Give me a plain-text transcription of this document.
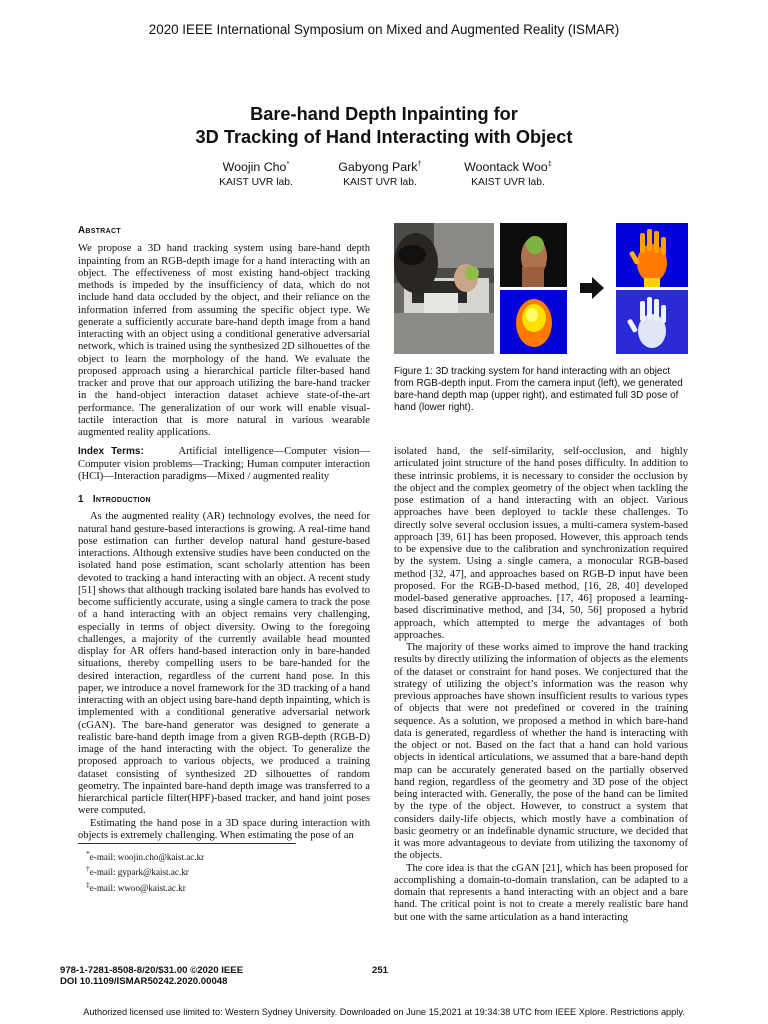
2020 IEEE International Symposium on Mixed and Augmented Reality (ISMAR)
Bare-hand Depth Inpainting for
3D Tracking of Hand Interacting with Object
Woojin Cho*
KAIST UVR lab.
Gabyong Park†
KAIST UVR lab.
Woontack Woo‡
KAIST UVR lab.
Abstract

We propose a 3D hand tracking system using bare-hand depth inpainting from an RGB-depth image for a hand interacting with an object. The effectiveness of most existing hand-object tracking methods is impeded by the insufficiency of data, which do not include hand data occluded by the object, and their reliance on the information inferred from assuming the specific object type. We generate a sufficiently accurate bare-hand depth image from a hand interacting with an object using a conditional generative adversarial network, which is trained using the synthesized 2D silhouettes of the object to learn the morphology of the hand. We evaluate the proposed approach using a hierarchical particle filter-based hand tracker and prove that our approach utilizing the bare-hand tracker in the hand-object interaction dataset achieve state-of-the-art performance. The generalization of our work will enable visual-tactile interaction that is more natural in various wearable augmented reality applications.

Index Terms:	Artificial intelligence—Computer vision—Computer vision problems—Tracking; Human computer interaction (HCI)—Interaction paradigms—Mixed / augmented reality

1 Introduction

As the augmented reality (AR) technology evolves, the need for natural hand gesture-based interactions is growing. A real-time hand pose estimation can further develop natural hand gesture-based interactions. Although extensive studies have been conducted on the isolated hand pose estimation, scant scholarly attention has been devoted to tracking a hand interacting with an object. A recent study [51] shows that although tracking isolated bare hands has evolved to become sufficiently accurate, using a single camera to track the pose of a hand interacting with an object remains very challenging, especially in terms of object diversity. Owing to the foregoing challenges, a majority of the currently available head mounted display for AR offers hand-based interaction only in bare-handed situations, thereby compelling users to be bare-handed for the desired interaction, regardless of the current hand pose. In this paper, we introduce a novel framework for the 3D tracking of a hand interacting with an object using bare-hand depth inpainting, which is implemented with a conditional generative adversarial network (cGAN). The bare-hand generator was designed to generate a realistic bare-hand depth image from a given RGB-depth (RGB-D) image of the hand interacting with the object. To generalize the proposed approach to various objects, we produced a training dataset consisting of synthesized 2D silhouettes of random geometry. The inpainted bare-hand depth image was transferred to a hierarchical particle filter(HPF)-based tracker, and hand joint poses were computed.

Estimating the hand pose in a 3D space during interaction with objects is extremely challenging. When estimating the pose of an

*e-mail: woojin.cho@kaist.ac.kr
†e-mail: gypark@kaist.ac.kr
‡e-mail: wwoo@kaist.ac.kr
Figure 1: 3D tracking system for hand interacting with an object from RGB-depth input. From the camera input (left), we generated bare-hand depth map (upper right), and estimated full 3D pose of hand (lower right).

isolated hand, the self-similarity, self-occlusion, and highly articulated joint structure of the hand poses difficulty. In addition to these intrinsic problems, it is necessary to consider the occlusion by the object and the complex geometry of the object when tackling the pose estimation of a hand interacting with an object. Various approaches have been deployed to tackle these challenges. To directly solve several occlusion issues, a multi-camera system-based approach [39, 61] has been proposed. However, this approach tends to be expensive due to the calibration and synchronization required by the system. Using a single camera, a monocular RGB-based method [32, 47], and approaches based on RGB-D input have been proposed. For the RGB-D-based method, [16, 28, 40] developed model-based generative approaches. [17, 46] proposed a learning-based discriminative method, and [34, 50, 56] proposed a hybrid approach, which attempted to merge the advantages of both approaches.

The majority of these works aimed to improve the hand tracking results by directly utilizing the information of objects as the elements of the dataset or constraint for hand poses. We conjectured that the strategy of utilizing the object’s information was the reason why previous approaches have shown insufficient results to various types of objects that were not predefined or covered in the training sequence. As a solution, we proposed a method in which bare-hand data is generated, regardless of whether the hand is interacting with the object or not. Based on the fact that a hand can hold various objects in identical articulations, we assumed that a bare-hand depth map can be accurately generated based on the partially observed hand region, regardless of the geometry and 3D pose of the object being interacted with. Generally, the pose of the hand can be limited by the type of the object. However, to construct a system that considers daily-life objects, which mostly have a combination of basic geometry or an indefinable dynamic structure, we decided that it was more advantageous to deviate from utilizing the taxonomy of the objects.

The core idea is that the cGAN [21], which has been proposed for accomplishing a domain-to-domain translation, can be adapted to a domain that represents a hand interacting with an object and a bare hand. The critical point is not to create a merely realistic bare hand but one with the same articulation as a hand interacting

978-1-7281-8508-8/20/$31.00 ©2020 IEEE
DOI 10.1109/ISMAR50242.2020.00048
251
Authorized licensed use limited to: Western Sydney University. Downloaded on June 15,2021 at 19:34:38 UTC from IEEE Xplore. Restrictions apply.
